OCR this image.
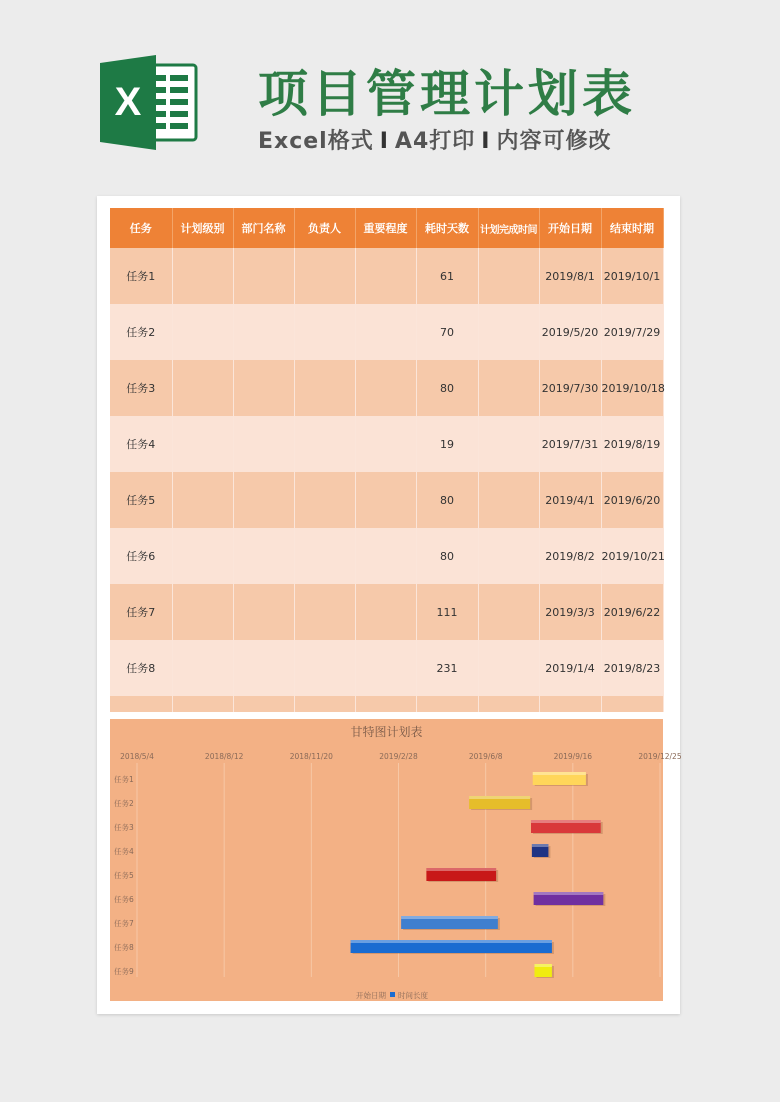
X 项目管理计划表
Excel格式 I A4打印 I 内容可修改
任务	计划级别	部门名称	负责人	重要程度	耗时天数	计划完成时间	开始日期	结束时期
任务1					61		2019/8/1	2019/10/1
任务2					70		2019/5/20	2019/7/29
任务3					80		2019/7/30	2019/10/18
任务4					19		2019/7/31	2019/8/19
任务5					80		2019/4/1	2019/6/20
任务6					80		2019/8/2	2019/10/21
任务7					111		2019/3/3	2019/6/22
任务8					231		2019/1/4	2019/8/23

甘特图计划表
2018/5/4	2018/8/12	2018/11/20	2019/2/28	2019/6/8	2019/9/16	2019/12/25
任务1
任务2
任务3
任务4
任务5
任务6
任务7
任务8
任务9
开始日期 时间长度
